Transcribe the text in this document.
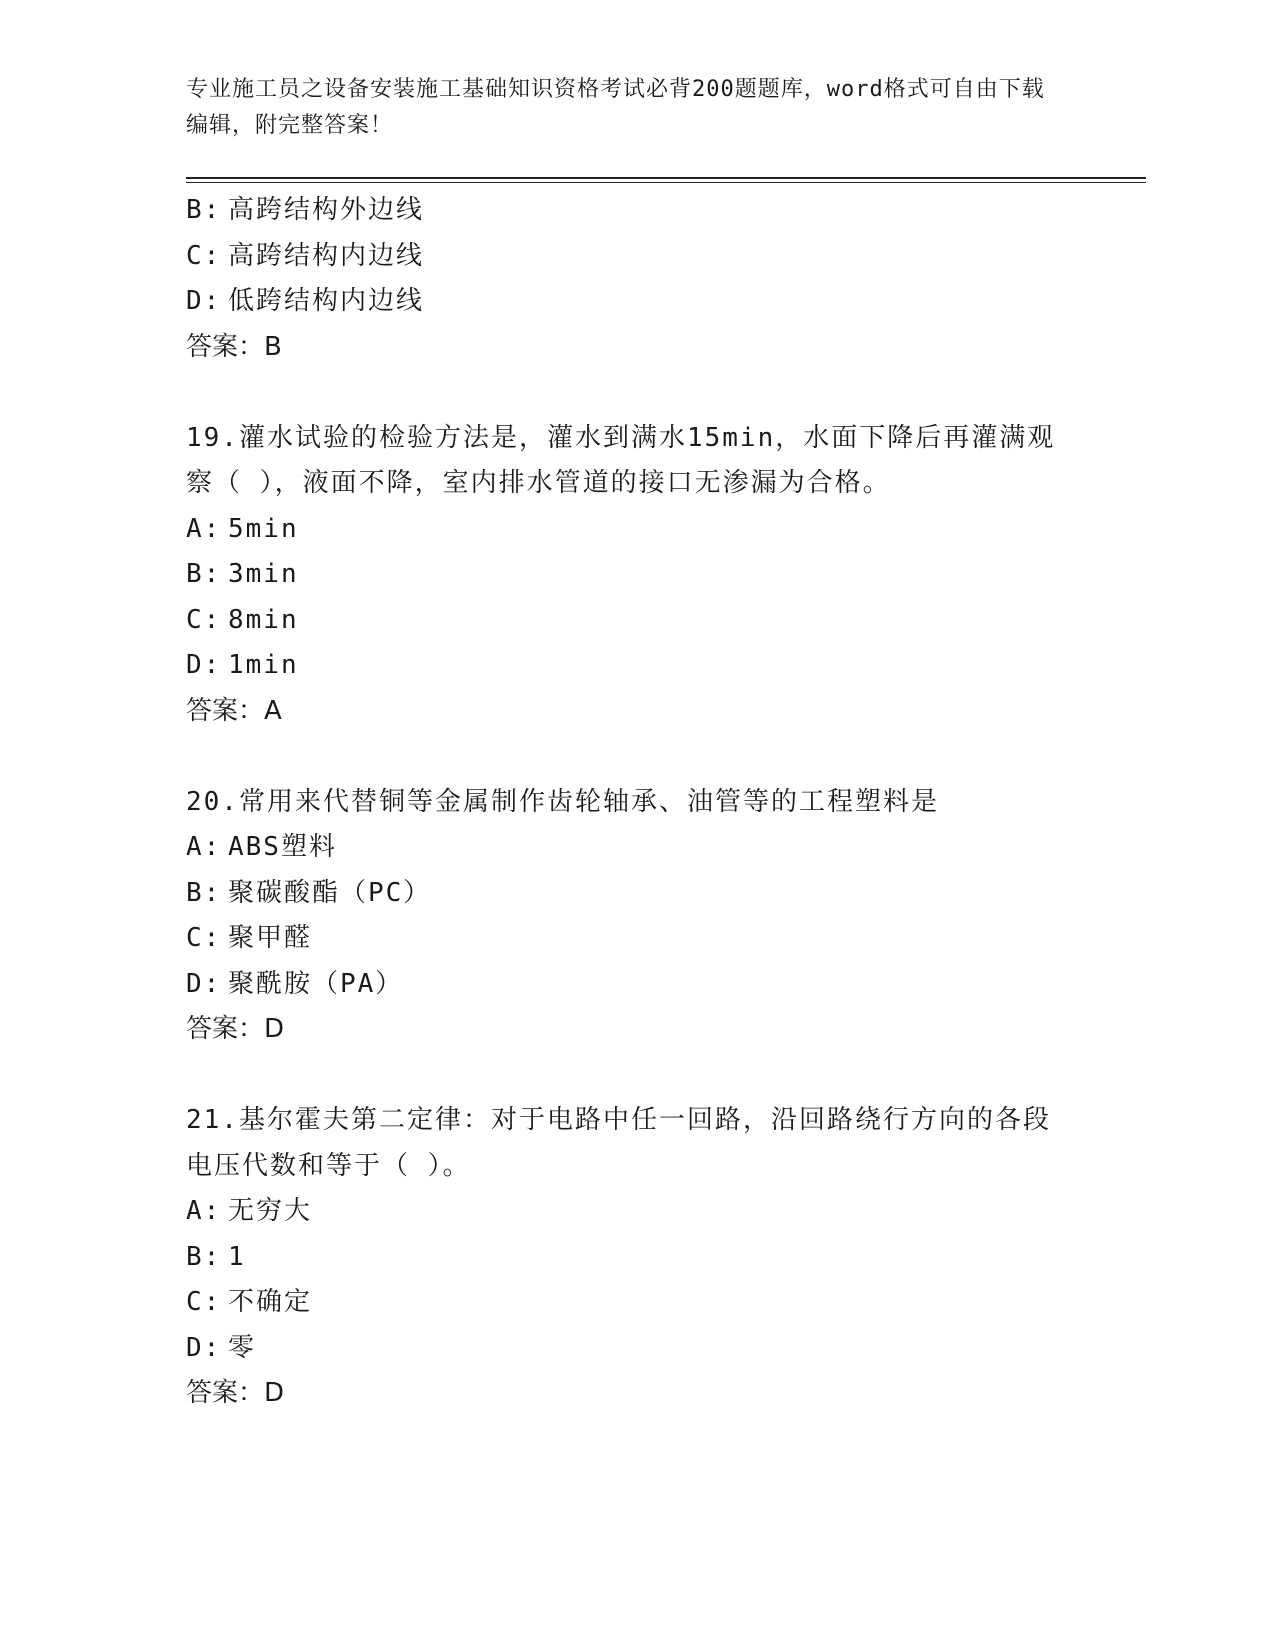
专业施工员之设备安装施工基础知识资格考试必背200题题库，word格式可自由下载编辑，附完整答案！
B: 高跨结构外边线
C: 高跨结构内边线
D: 低跨结构内边线
答案：B
19.灌水试验的检验方法是，灌水到满水15min，水面下降后再灌满观察（ ），液面不降，室内排水管道的接口无渗漏为合格。
A: 5min
B: 3min
C: 8min
D: 1min
答案：A
20.常用来代替铜等金属制作齿轮轴承、油管等的工程塑料是
A: ABS塑料
B: 聚碳酸酯（PC）
C: 聚甲醛
D: 聚酰胺（PA）
答案：D
21.基尔霍夫第二定律：对于电路中任一回路，沿回路绕行方向的各段电压代数和等于（ ）。
A: 无穷大
B: 1
C: 不确定
D: 零
答案：D
